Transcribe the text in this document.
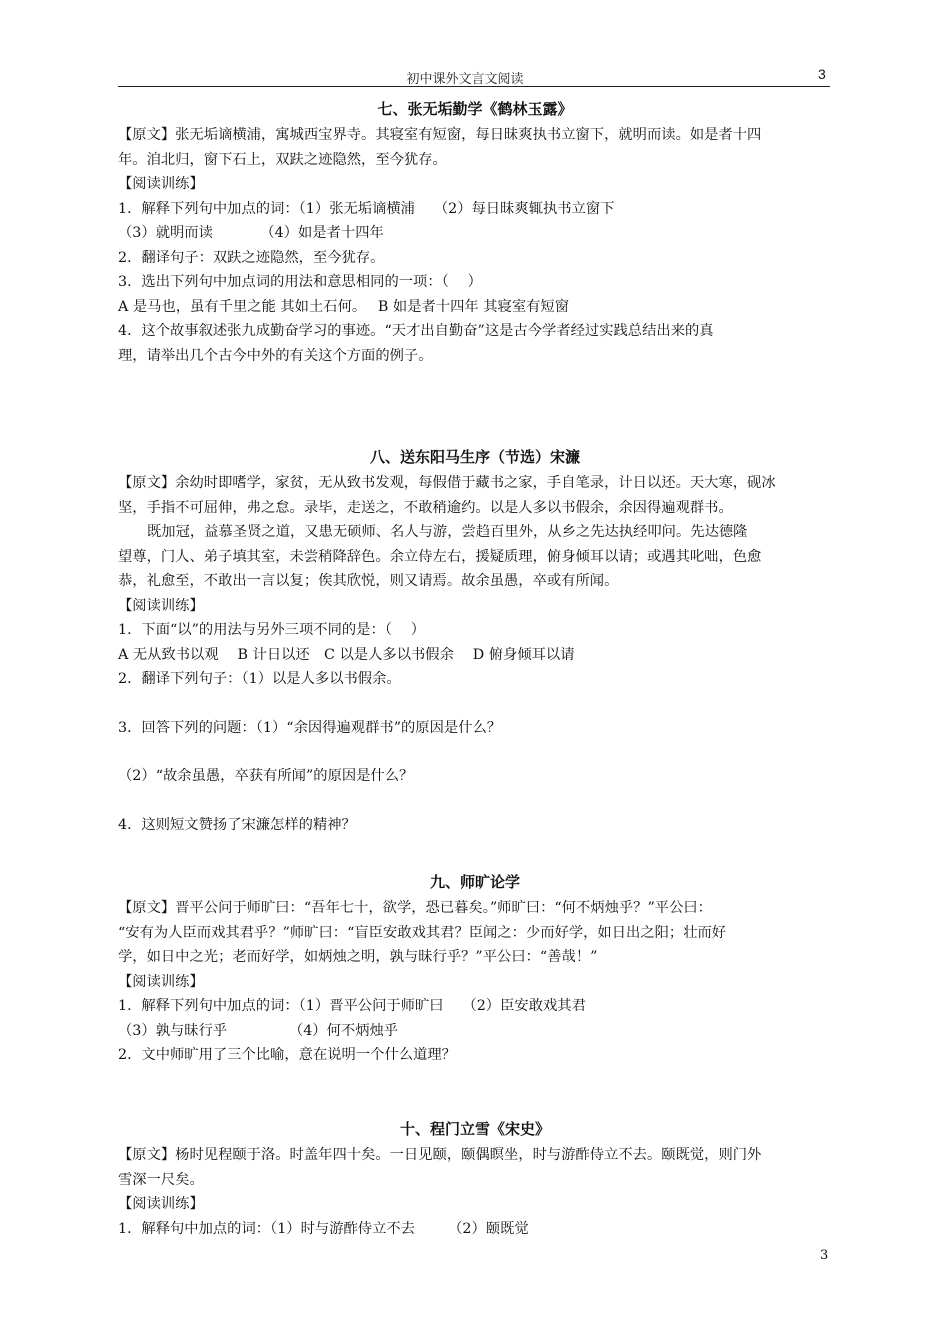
初中课外文言文阅读	3
七、张无垢勤学《鹤林玉露》
【原文】张无垢谪横浦，寓城西宝界寺。其寝室有短窗，每日昧爽执书立窗下，就明而读。如是者十四
年。洎北归，窗下石上，双趺之迹隐然，至今犹存。
【阅读训练】
1．解释下列句中加点的词：（1）张无垢谪横浦　 （2）每日昧爽辄执书立窗下
（3）就明而读　　　 （4）如是者十四年
2．翻译句子：双趺之迹隐然，至今犹存。
3．选出下列句中加点词的用法和意思相同的一项：（　 ）
A 是马也，虽有千里之能 其如土石何。　 B 如是者十四年 其寝室有短窗
4．这个故事叙述张九成勤奋学习的事迹。“天才出自勤奋”这是古今学者经过实践总结出来的真
理，请举出几个古今中外的有关这个方面的例子。
八、送东阳马生序（节选）宋濂
【原文】余幼时即嗜学，家贫，无从致书发观，每假借于藏书之家，手自笔录，计日以还。天大寒，砚冰
坚，手指不可屈伸，弗之怠。录毕，走送之，不敢稍逾约。以是人多以书假余，余因得遍观群书。
既加冠，益慕圣贤之道，又患无硕师、名人与游，尝趋百里外，从乡之先达执经叩问。先达德隆
望尊，门人、弟子填其室，未尝稍降辞色。余立侍左右，援疑质理，俯身倾耳以请；或遇其叱咄，色愈
恭，礼愈至，不敢出一言以复；俟其欣悦，则又请焉。故余虽愚，卒或有所闻。
【阅读训练】
1．下面“以”的用法与另外三项不同的是：（　 ）
A 无从致书以观　 B 计日以还　C 以是人多以书假余　 D 俯身倾耳以请
2．翻译下列句子：（1）以是人多以书假余。
3．回答下列的问题：（1）“余因得遍观群书”的原因是什么？
（2）“故余虽愚，卒获有所闻”的原因是什么？
4．这则短文赞扬了宋濂怎样的精神？
九、师旷论学
【原文】晋平公问于师旷曰：“吾年七十，欲学，恐已暮矣。”师旷曰：“何不炳烛乎？”平公曰：
“安有为人臣而戏其君乎？”师旷曰：“盲臣安敢戏其君？臣闻之：少而好学，如日出之阳；壮而好
学，如日中之光；老而好学，如炳烛之明，孰与昧行乎？”平公曰：“善哉！”
【阅读训练】
1．解释下列句中加点的词：（1）晋平公问于师旷曰　 （2）臣安敢戏其君
（3）孰与昧行乎　　　　 （4）何不炳烛乎
2．文中师旷用了三个比喻，意在说明一个什么道理？
十、程门立雪《宋史》
【原文】杨时见程颐于洛。时盖年四十矣。一日见颐，颐偶瞑坐，时与游酢侍立不去。颐既觉，则门外
雪深一尺矣。
【阅读训练】
1．解释句中加点的词：（1）时与游酢侍立不去　　 （2）颐既觉
3
